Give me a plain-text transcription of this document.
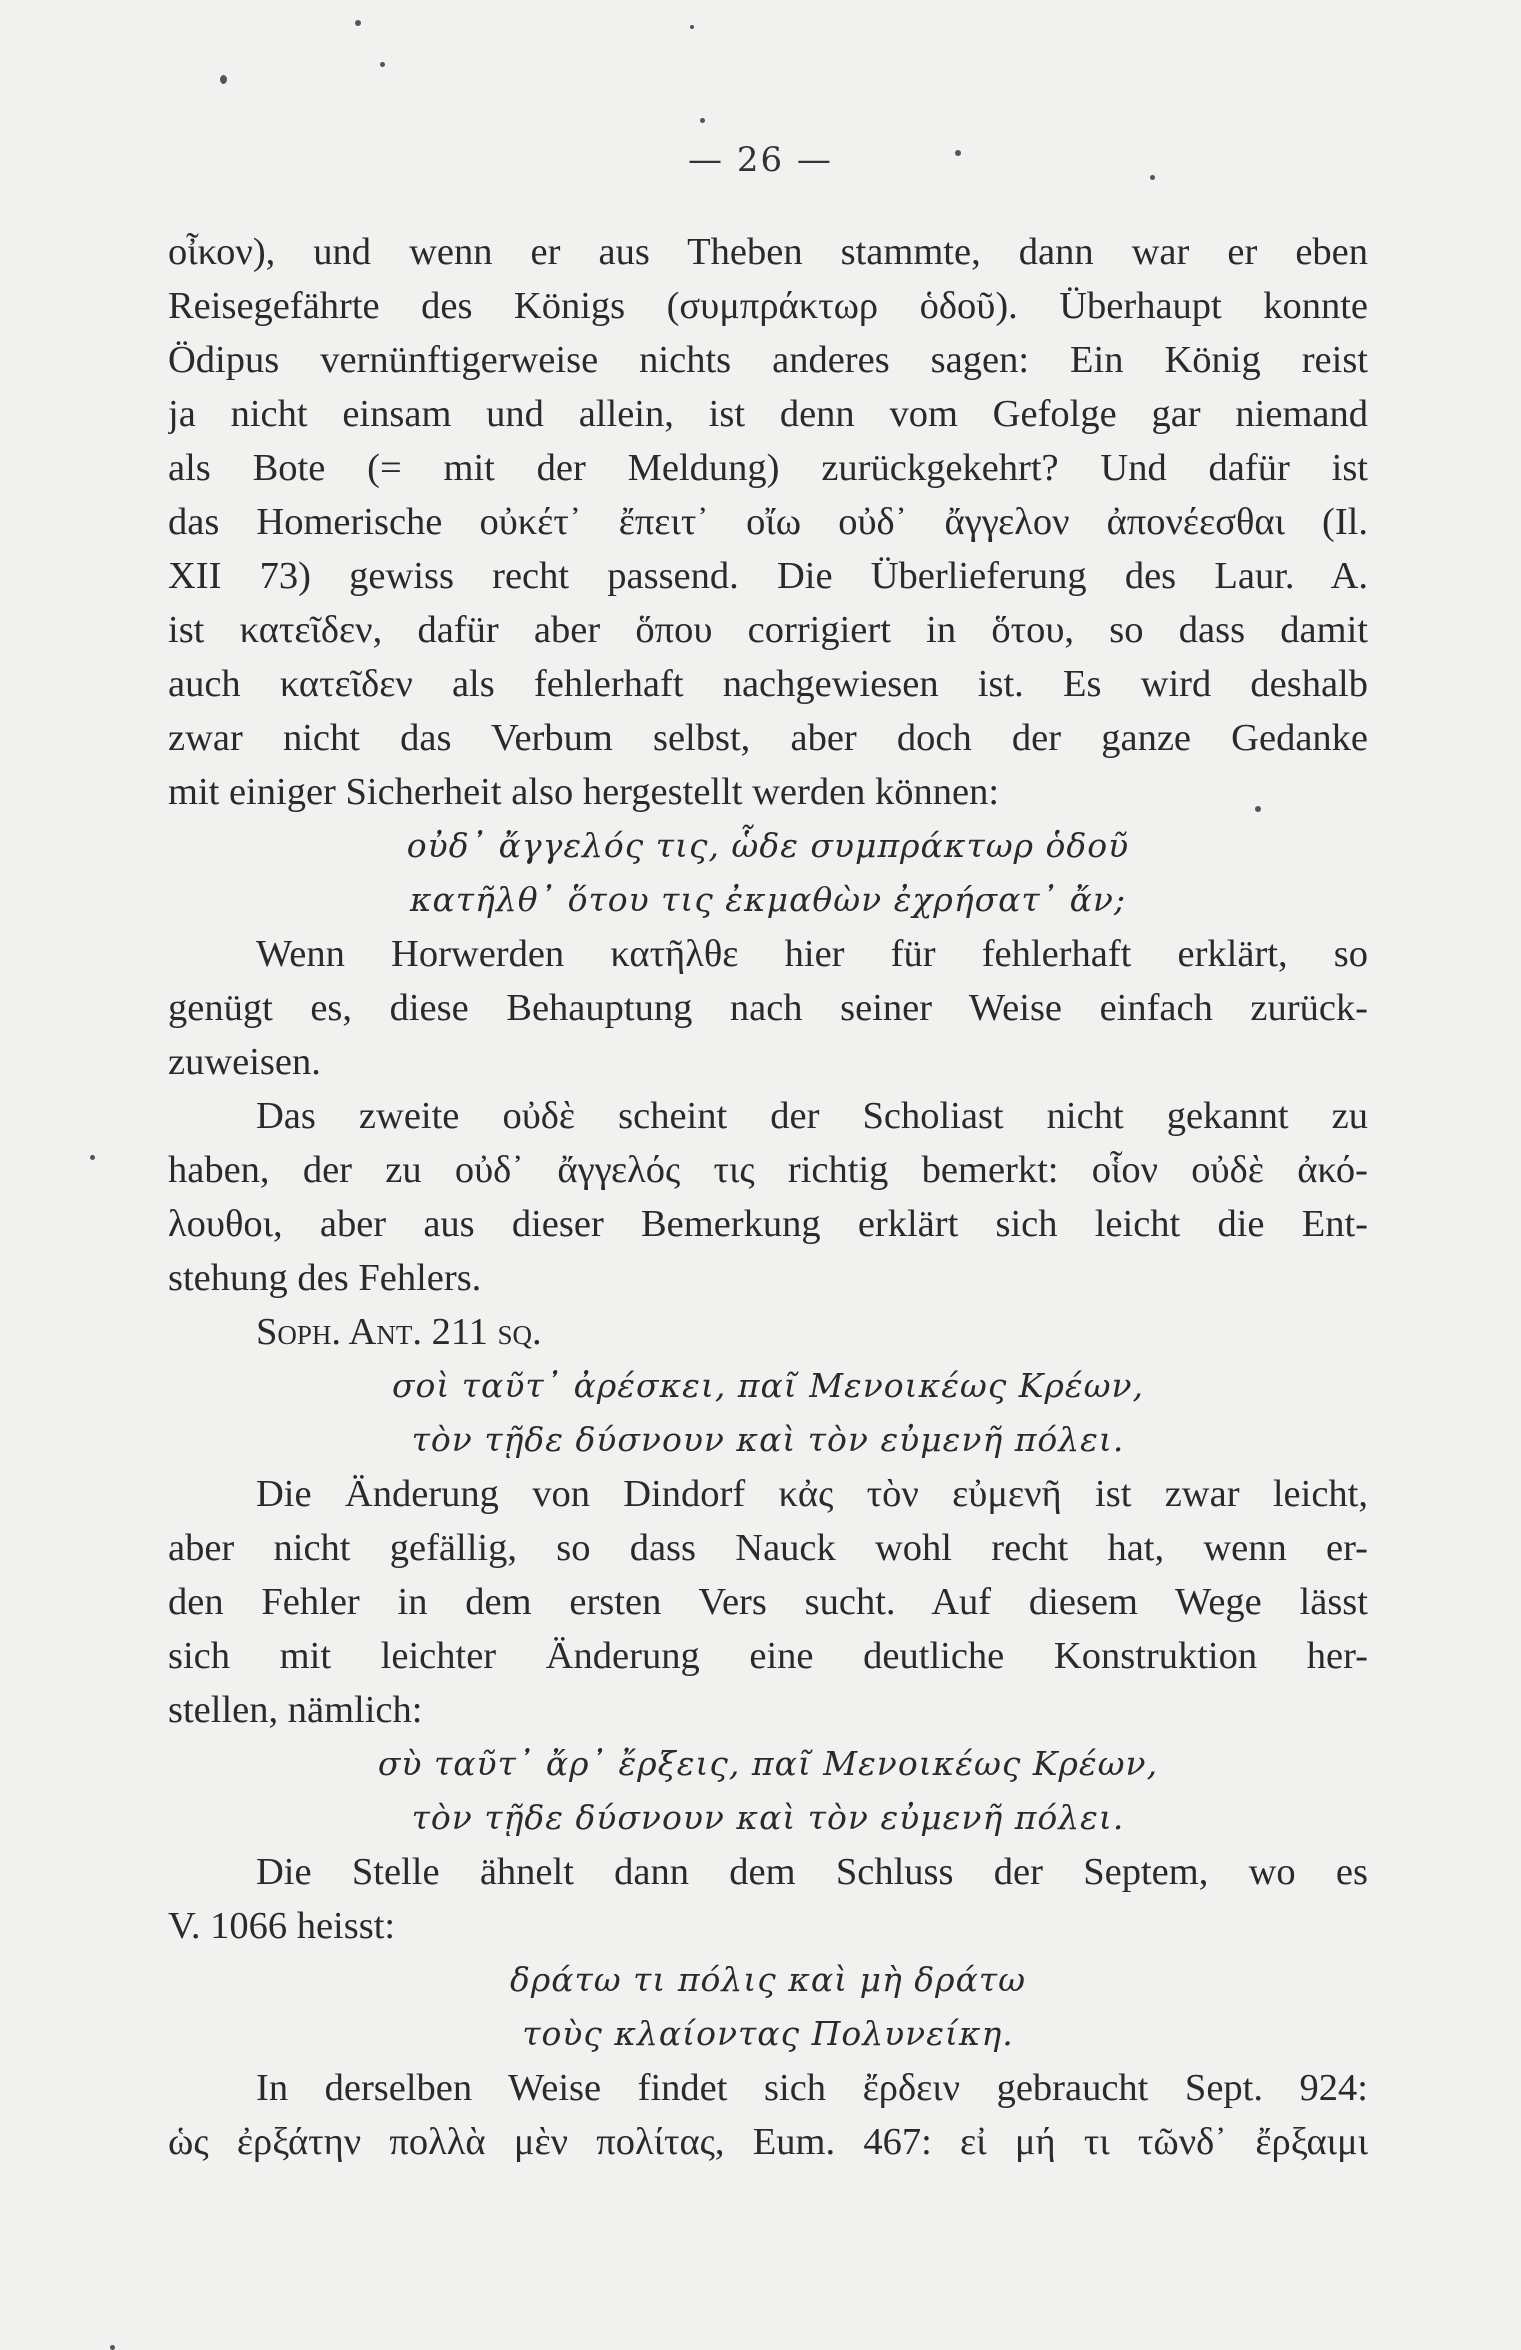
— 26 —
οἶκον), und wenn er aus Theben stammte, dann war er eben
Reisegefährte des Königs (συμπράκτωρ ὁδοῦ). Überhaupt konnte
Ödipus vernünftigerweise nichts anderes sagen: Ein König reist
ja nicht einsam und allein, ist denn vom Gefolge gar niemand
als Bote (= mit der Meldung) zurückgekehrt? Und dafür ist
das Homerische οὐκέτ᾽ ἔπειτ᾽ οἴω οὐδ᾽ ἄγγελον ἀπονέεσθαι (Il.
XII 73) gewiss recht passend. Die Überlieferung des Laur. A.
ist κατεῖδεν, dafür aber ὅπου corrigiert in ὅτου, so dass damit
auch κατεῖδεν als fehlerhaft nachgewiesen ist. Es wird deshalb
zwar nicht das Verbum selbst, aber doch der ganze Gedanke
mit einiger Sicherheit also hergestellt werden können:
οὐδ᾽ ἄγγελός τις, ὧδε συμπράκτωρ ὁδοῦ
κατῆλθ᾽ ὅτου τις ἐκμαθὼν ἐχρήσατ᾽ ἄν;
Wenn Horwerden κατῆλθε hier für fehlerhaft erklärt, so
genügt es, diese Behauptung nach seiner Weise einfach zurück-
zuweisen.
Das zweite οὐδὲ scheint der Scholiast nicht gekannt zu
haben, der zu οὐδ᾽ ἄγγελός τις richtig bemerkt: οἷον οὐδὲ ἀκό-
λουθοι, aber aus dieser Bemerkung erklärt sich leicht die Ent-
stehung des Fehlers.
Soph. Ant. 211 sq.
σοὶ ταῦτ᾽ ἀρέσκει, παῖ Μενοικέως Κρέων,
τὸν τῇδε δύσνουν καὶ τὸν εὐμενῆ πόλει.
Die Änderung von Dindorf κἀς τὸν εὐμενῆ ist zwar leicht,
aber nicht gefällig, so dass Nauck wohl recht hat, wenn er-
den Fehler in dem ersten Vers sucht. Auf diesem Wege lässt
sich mit leichter Änderung eine deutliche Konstruktion her-
stellen, nämlich:
σὺ ταῦτ᾽ ἄρ᾽ ἔρξεις, παῖ Μενοικέως Κρέων,
τὸν τῇδε δύσνουν καὶ τὸν εὐμενῆ πόλει.
Die Stelle ähnelt dann dem Schluss der Septem, wo es
V. 1066 heisst:
δράτω τι πόλις καὶ μὴ δράτω
τοὺς κλαίοντας Πολυνείκη.
In derselben Weise findet sich ἔρδειν gebraucht Sept. 924:
ὡς ἐρξάτην πολλὰ μὲν πολίτας, Eum. 467: εἰ μή τι τῶνδ᾽ ἔρξαιμι
